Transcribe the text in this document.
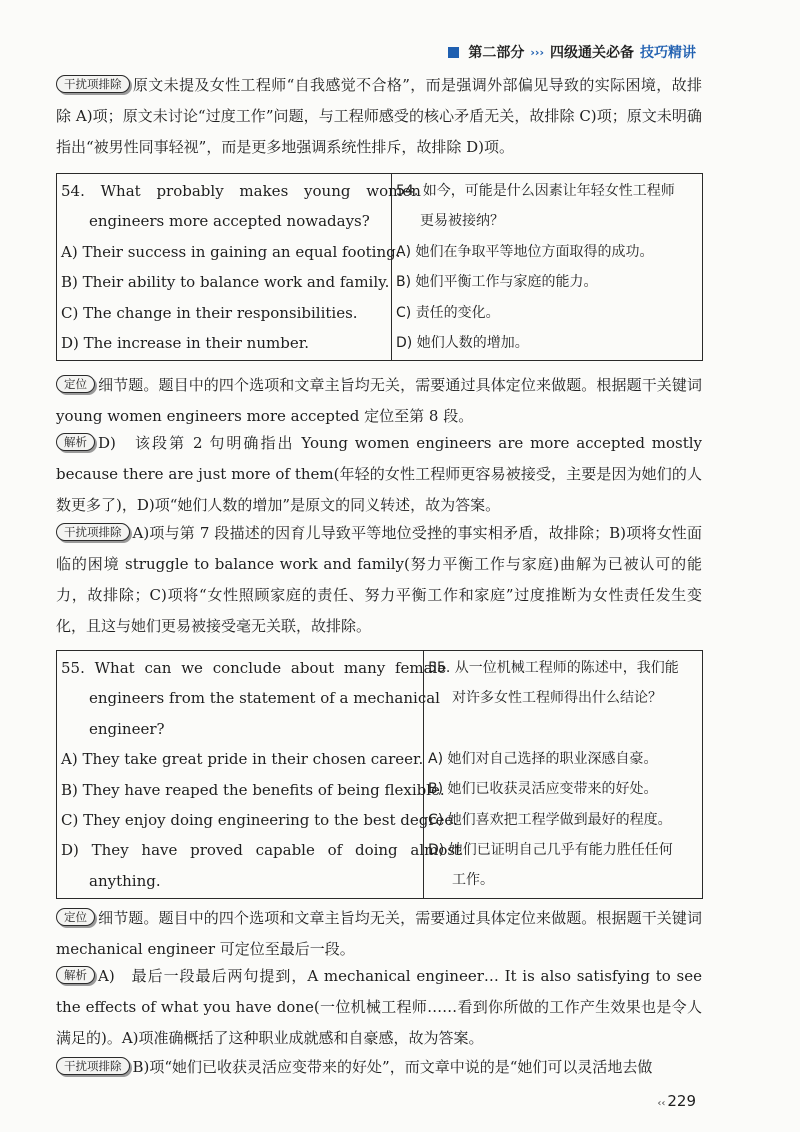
第二部分 ››› 四级通关必备 技巧精讲

干扰项排除 原文未提及女性工程师“自我感觉不合格”，而是强调外部偏见导致的实际困境，故排除 A)项；原文未讨论“过度工作”问题，与工程师感受的核心矛盾无关，故排除 C)项；原文未明确指出“被男性同事轻视”，而是更多地强调系统性排斥，故排除 D)项。

54. What probably makes young women
engineers more accepted nowadays?
A) Their success in gaining an equal footing.
B) Their ability to balance work and family.
C) The change in their responsibilities.
D) The increase in their number.

54. 如今，可能是什么因素让年轻女性工程师
更易被接纳？
A) 她们在争取平等地位方面取得的成功。
B) 她们平衡工作与家庭的能力。
C) 责任的变化。
D) 她们人数的增加。

定位 细节题。题目中的四个选项和文章主旨均无关，需要通过具体定位来做题。根据题干关键词 young women engineers more accepted 定位至第 8 段。

解析 D)　该段第 2 句明确指出 Young women engineers are more accepted mostly because there are just more of them(年轻的女性工程师更容易被接受，主要是因为她们的人数更多了)，D)项“她们人数的增加”是原文的同义转述，故为答案。

干扰项排除 A)项与第 7 段描述的因育儿导致平等地位受挫的事实相矛盾，故排除；B)项将女性面临的困境 struggle to balance work and family(努力平衡工作与家庭)曲解为已被认可的能力，故排除；C)项将“女性照顾家庭的责任、努力平衡工作和家庭”过度推断为女性责任发生变化，且这与她们更易被接受毫无关联，故排除。

55. What can we conclude about many female
engineers from the statement of a mechanical
engineer?
A) They take great pride in their chosen career.
B) They have reaped the benefits of being flexible.
C) They enjoy doing engineering to the best degree.
D) They have proved capable of doing almost
anything.

55. 从一位机械工程师的陈述中，我们能
对许多女性工程师得出什么结论？
A) 她们对自己选择的职业深感自豪。
B) 她们已收获灵活应变带来的好处。
C) 她们喜欢把工程学做到最好的程度。
D) 她们已证明自己几乎有能力胜任任何
工作。

定位 细节题。题目中的四个选项和文章主旨均无关，需要通过具体定位来做题。根据题干关键词 mechanical engineer 可定位至最后一段。

解析 A)　最后一段最后两句提到，A mechanical engineer… It is also satisfying to see the effects of what you have done(一位机械工程师……看到你所做的工作产生效果也是令人满足的)。A)项准确概括了这种职业成就感和自豪感，故为答案。

干扰项排除 B)项“她们已收获灵活应变带来的好处”，而文章中说的是“她们可以灵活地去做

‹‹ 229
